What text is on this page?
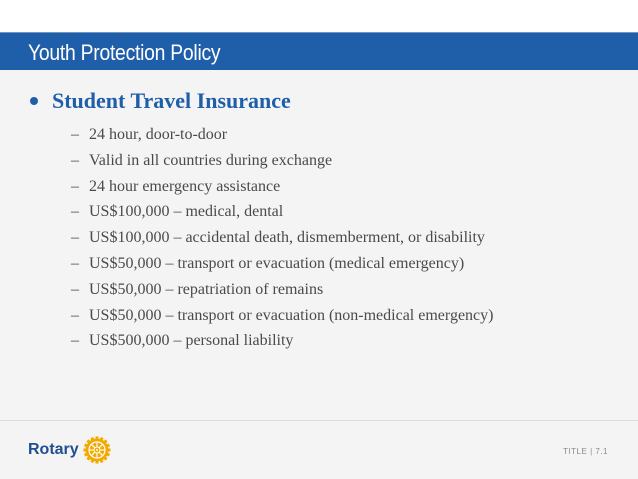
Youth Protection Policy
Student Travel Insurance
– 24 hour, door-to-door
– Valid in all countries during exchange
– 24 hour emergency assistance
– US$100,000 – medical, dental
– US$100,000 – accidental death, dismemberment, or disability
– US$50,000 – transport or evacuation (medical emergency)
– US$50,000 – repatriation of remains
– US$50,000 – transport or evacuation (non-medical emergency)
– US$500,000 – personal liability
Rotary	TITLE | 7.1
